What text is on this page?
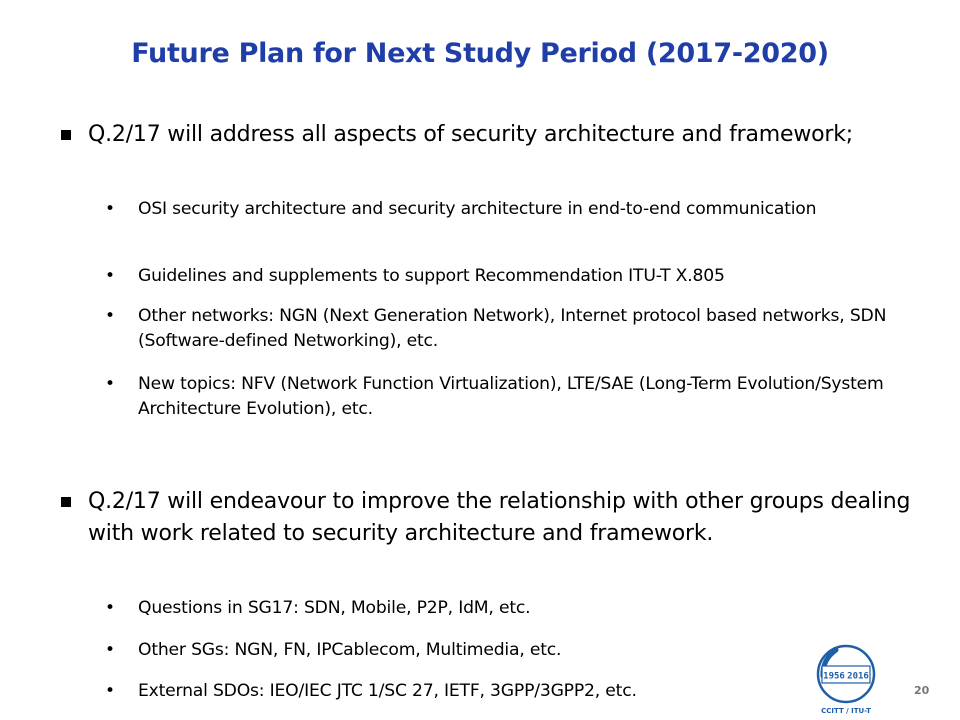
Future Plan for Next Study Period (2017-2020)
Q.2/17 will address all aspects of security architecture and framework;
• OSI security architecture and security architecture in end-to-end communication
• Guidelines and supplements to support Recommendation ITU-T X.805
• Other networks: NGN (Next Generation Network), Internet protocol based networks, SDN (Software-defined Networking), etc.
• New topics: NFV (Network Function Virtualization), LTE/SAE (Long-Term Evolution/System Architecture Evolution), etc.
Q.2/17 will endeavour to improve the relationship with other groups dealing with work related to security architecture and framework.
• Questions in SG17: SDN, Mobile, P2P, IdM, etc.
• Other SGs: NGN, FN, IPCablecom, Multimedia, etc.
• External SDOs: IEO/IEC JTC 1/SC 27, IETF, 3GPP/3GPP2, etc.
1956 2016
CCITT / ITU-T
20
